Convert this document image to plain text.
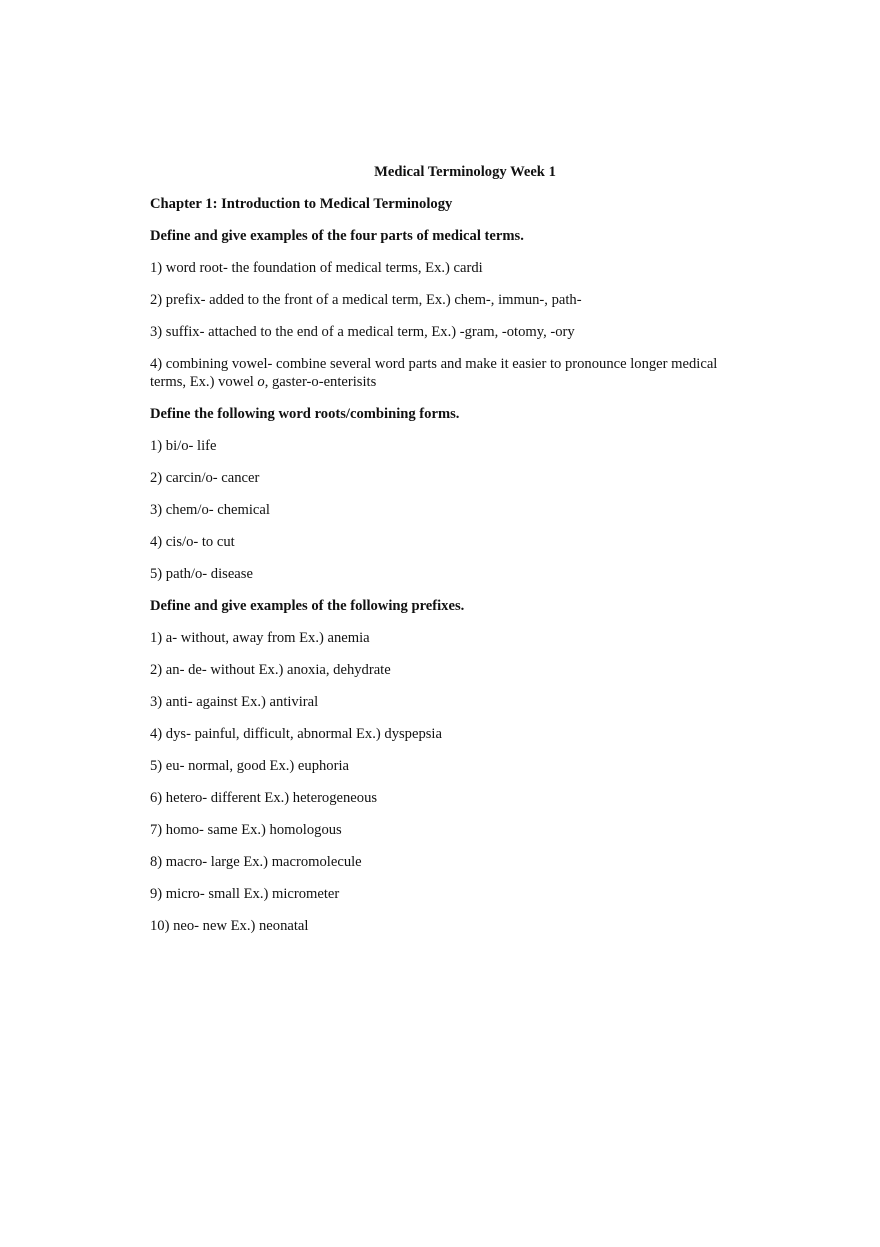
Medical Terminology Week 1
Chapter 1: Introduction to Medical Terminology
Define and give examples of the four parts of medical terms.
1) word root- the foundation of medical terms, Ex.) cardi
2) prefix- added to the front of a medical term, Ex.) chem-, immun-, path-
3) suffix- attached to the end of a medical term, Ex.) -gram, -otomy, -ory
4) combining vowel- combine several word parts and make it easier to pronounce longer medical terms, Ex.) vowel o, gaster-o-enterisits
Define the following word roots/combining forms.
1) bi/o- life
2) carcin/o- cancer
3) chem/o- chemical
4) cis/o- to cut
5) path/o- disease
Define and give examples of the following prefixes.
1) a- without, away from Ex.) anemia
2) an- de- without Ex.) anoxia, dehydrate
3) anti- against Ex.) antiviral
4) dys- painful, difficult, abnormal Ex.) dyspepsia
5) eu- normal, good Ex.) euphoria
6) hetero- different Ex.) heterogeneous
7) homo- same Ex.) homologous
8) macro- large Ex.) macromolecule
9) micro- small Ex.) micrometer
10) neo- new Ex.) neonatal
